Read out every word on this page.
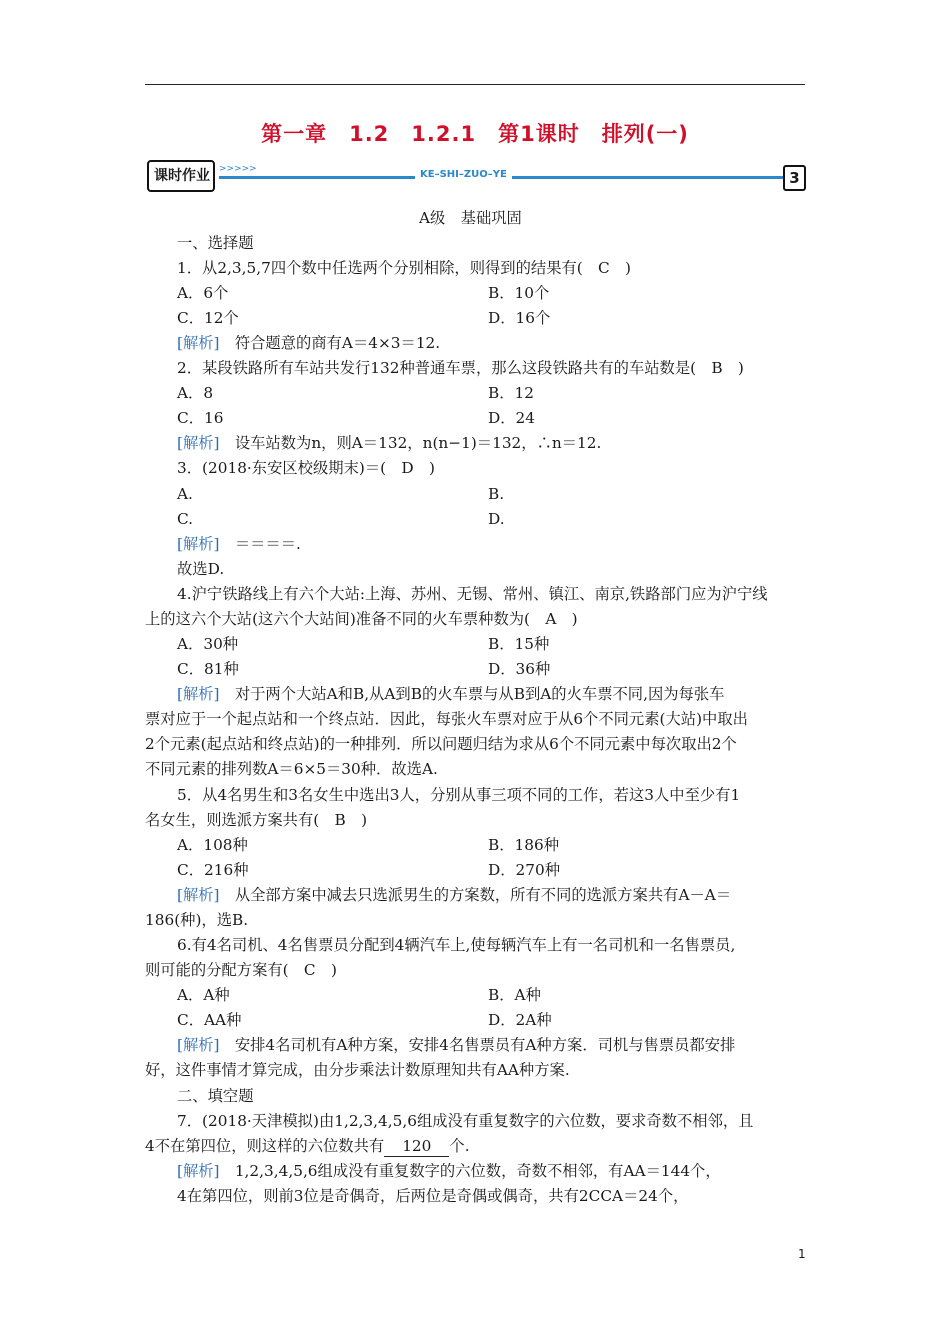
第一章　1.2　1.2.1　第1课时　排列(一)
课时作业	>>>>>	KE–SHI–ZUO–YE	3
A级　基础巩固
一、选择题
1．从2,3,5,7四个数中任选两个分别相除，则得到的结果有(　C　)
A．6个	B．10个
C．12个	D．16个
[解析]　符合题意的商有A＝4×3＝12.
2．某段铁路所有车站共发行132种普通车票，那么这段铁路共有的车站数是(　B　)
A．8	B．12
C．16	D．24
[解析]　设车站数为n，则A＝132，n(n−1)＝132，∴n＝12.
3．(2018·东安区校级期末)＝(　D　)
A.	B.
C.	D.
[解析]　＝＝＝＝.
故选D.
4.沪宁铁路线上有六个大站:上海、苏州、无锡、常州、镇江、南京,铁路部门应为沪宁线
上的这六个大站(这六个大站间)准备不同的火车票种数为(　A　)
A．30种	B．15种
C．81种	D．36种
[解析]　对于两个大站A和B,从A到B的火车票与从B到A的火车票不同,因为每张车
票对应于一个起点站和一个终点站．因此，每张火车票对应于从6个不同元素(大站)中取出
2个元素(起点站和终点站)的一种排列．所以问题归结为求从6个不同元素中每次取出2个
不同元素的排列数A＝6×5＝30种．故选A.
5．从4名男生和3名女生中选出3人，分别从事三项不同的工作，若这3人中至少有1
名女生，则选派方案共有(　B　)
A．108种	B．186种
C．216种	D．270种
[解析]　从全部方案中减去只选派男生的方案数，所有不同的选派方案共有A－A＝
186(种)，选B.
6.有4名司机、4名售票员分配到4辆汽车上,使每辆汽车上有一名司机和一名售票员,
则可能的分配方案有(　C　)
A．A种	B．A种
C．AA种	D．2A种
[解析]　安排4名司机有A种方案，安排4名售票员有A种方案．司机与售票员都安排
好，这件事情才算完成，由分步乘法计数原理知共有AA种方案.
二、填空题
7．(2018·天津模拟)由1,2,3,4,5,6组成没有重复数字的六位数，要求奇数不相邻，且
4不在第四位，则这样的六位数共有 120 个.
[解析]　1,2,3,4,5,6组成没有重复数字的六位数，奇数不相邻，有AA＝144个，
4在第四位，则前3位是奇偶奇，后两位是奇偶或偶奇，共有2CCA＝24个，
1
